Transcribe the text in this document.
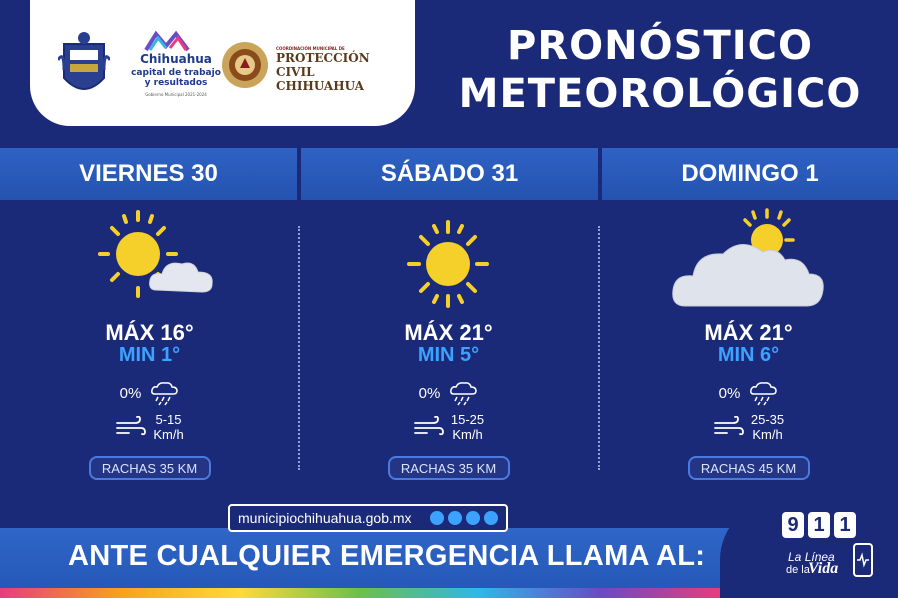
Chihuahua
capital de trabajo
y resultados
Gobierno Municipal 2021-2024
COORDINACIÓN MUNICIPAL DE
PROTECCIÓN CIVIL
CHIHUAHUA
PRONÓSTICO
METEOROLÓGICO
VIERNES 30	SÁBADO 31	DOMINGO 1
MÁX 16°
MIN 1°
0%
5-15
Km/h
RACHAS 35 KM
MÁX 21°
MIN 5°
0%
15-25
Km/h
RACHAS 35 KM
MÁX 21°
MIN 6°
0%
25-35
Km/h
RACHAS 45 KM
municipiochihuahua.gob.mx
ANTE CUALQUIER EMERGENCIA LLAMA AL:
9 1 1
La Línea
de la
Vida
